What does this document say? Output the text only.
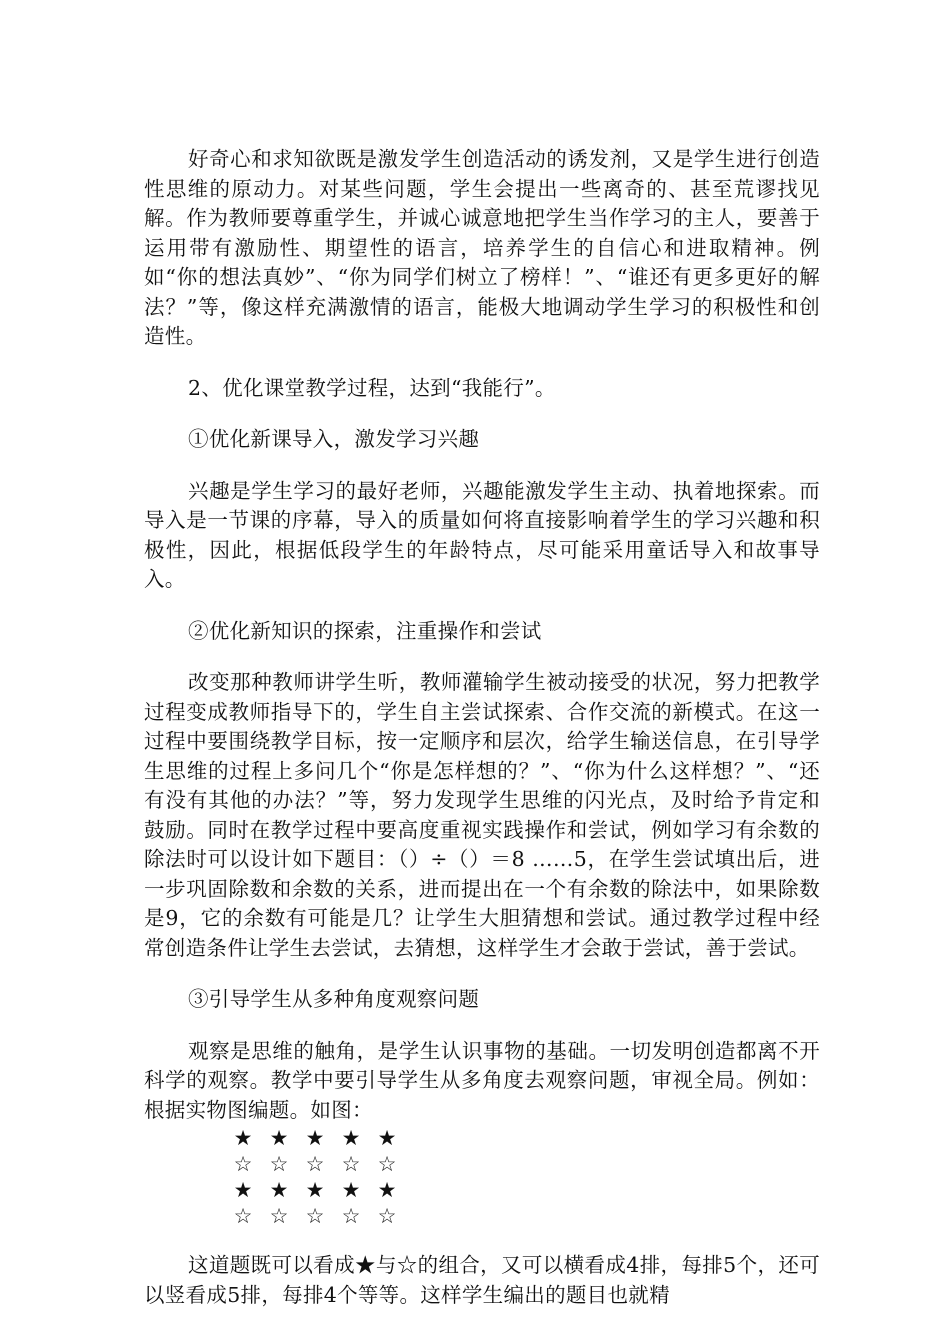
好奇心和求知欲既是激发学生创造活动的诱发剂，又是学生进行创造性思维的原动力。对某些问题，学生会提出一些离奇的、甚至荒谬找见解。作为教师要尊重学生，并诚心诚意地把学生当作学习的主人，要善于运用带有激励性、期望性的语言，培养学生的自信心和进取精神。例如“你的想法真妙”、“你为同学们树立了榜样！”、“谁还有更多更好的解法？”等，像这样充满激情的语言，能极大地调动学生学习的积极性和创造性。

2、优化课堂教学过程，达到“我能行”。

①优化新课导入，激发学习兴趣

兴趣是学生学习的最好老师，兴趣能激发学生主动、执着地探索。而导入是一节课的序幕，导入的质量如何将直接影响着学生的学习兴趣和积极性，因此，根据低段学生的年龄特点，尽可能采用童话导入和故事导入。

②优化新知识的探索，注重操作和尝试

改变那种教师讲学生听，教师灌输学生被动接受的状况，努力把教学过程变成教师指导下的，学生自主尝试探索、合作交流的新模式。在这一过程中要围绕教学目标，按一定顺序和层次，给学生输送信息，在引导学生思维的过程上多问几个“你是怎样想的？”、“你为什么这样想？”、“还有没有其他的办法？”等，努力发现学生思维的闪光点，及时给予肯定和鼓励。同时在教学过程中要高度重视实践操作和尝试，例如学习有余数的除法时可以设计如下题目：（）÷（）＝8 ……5，在学生尝试填出后，进一步巩固除数和余数的关系，进而提出在一个有余数的除法中，如果除数是9，它的余数有可能是几？让学生大胆猜想和尝试。通过教学过程中经常创造条件让学生去尝试，去猜想，这样学生才会敢于尝试，善于尝试。

③引导学生从多种角度观察问题

观察是思维的触角，是学生认识事物的基础。一切发明创造都离不开科学的观察。教学中要引导学生从多角度去观察问题，审视全局。例如：根据实物图编题。如图：

★ ★ ★ ★ ★
☆ ☆ ☆ ☆ ☆
★ ★ ★ ★ ★
☆ ☆ ☆ ☆ ☆

这道题既可以看成★与☆的组合，又可以横看成4排，每排5个，还可以竖看成5排，每排4个等等。这样学生编出的题目也就精
